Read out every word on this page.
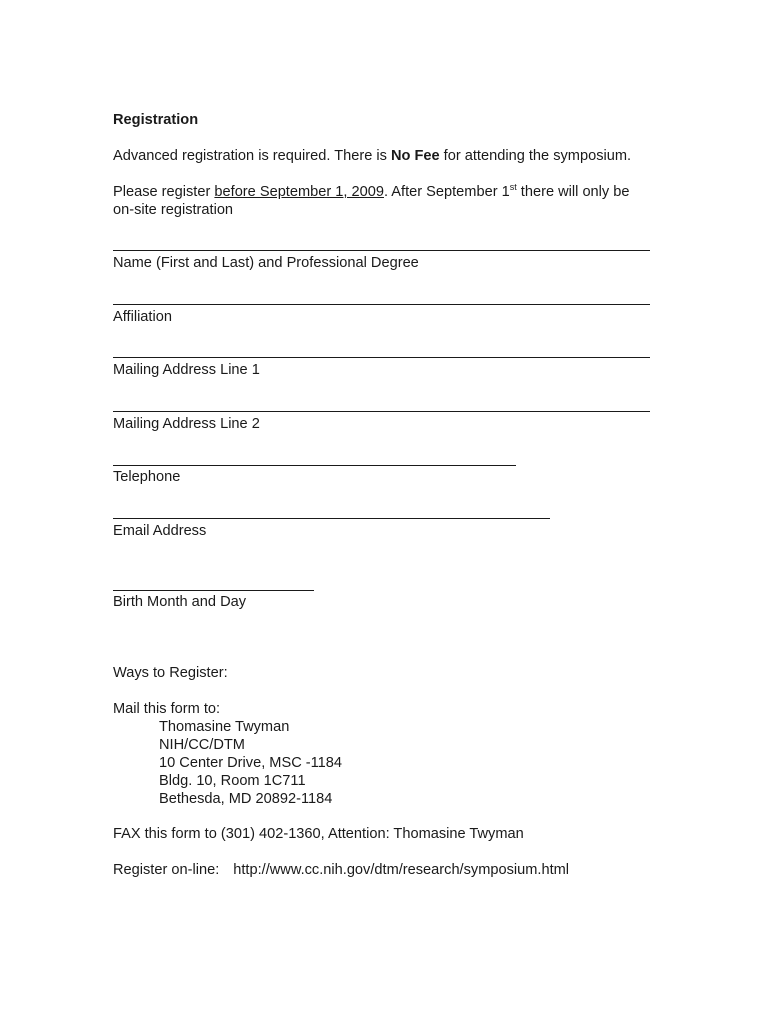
Registration
Advanced registration is required. There is No Fee for attending the symposium.
Please register before September 1, 2009. After September 1st there will only be
on-site registration
Name (First and Last) and Professional Degree
Affiliation
Mailing Address Line 1
Mailing Address Line 2
Telephone
Email Address
Birth Month and Day
Ways to Register:
Mail this form to:
Thomasine Twyman
NIH/CC/DTM
10 Center Drive, MSC -1184
Bldg. 10, Room 1C711
Bethesda, MD 20892-1184
FAX this form to (301) 402-1360, Attention: Thomasine Twyman
Register on-line: http://www.cc.nih.gov/dtm/research/symposium.html
